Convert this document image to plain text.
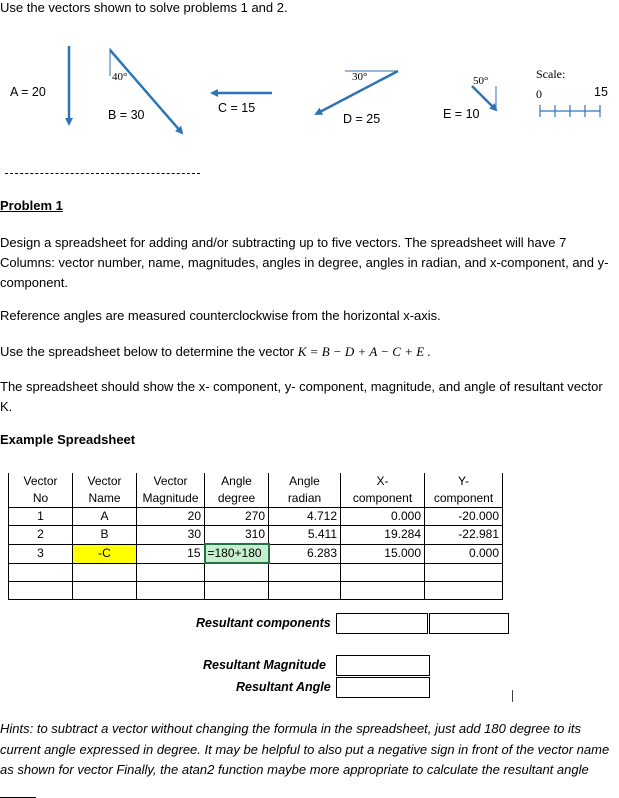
Use the vectors shown to solve problems 1 and 2.
A = 20
40°
B = 30	C = 15
30°
D = 25
50°
E = 10
Scale:
0	15
Problem 1
Design a spreadsheet for adding and/or subtracting up to five vectors. The spreadsheet will have 7 Columns: vector number, name, magnitudes, angles in degree, angles in radian, and x-component, and y-component.
Reference angles are measured counterclockwise from the horizontal x-axis.
Use the spreadsheet below to determine the vector K = B − D + A − C + E .
The spreadsheet should show the x- component, y- component, magnitude, and angle of resultant vector K.
Example Spreadsheet
Vector	Vector	Vector	Angle	Angle	X-	Y-
No	Name	Magnitude	degree	radian	component	component
1	A	20	270	4.712	0.000	-20.000
2	B	30	310	5.411	19.284	-22.981
3	-C	15	=180+180	6.283	15.000	0.000

Resultant components
Resultant Magnitude
Resultant Angle
Hints: to subtract a vector without changing the formula in the spreadsheet, just add 180 degree to its current angle expressed in degree. It may be helpful to also put a negative sign in front of the vector name as shown for vector Finally, the atan2 function maybe more appropriate to calculate the resultant angle
